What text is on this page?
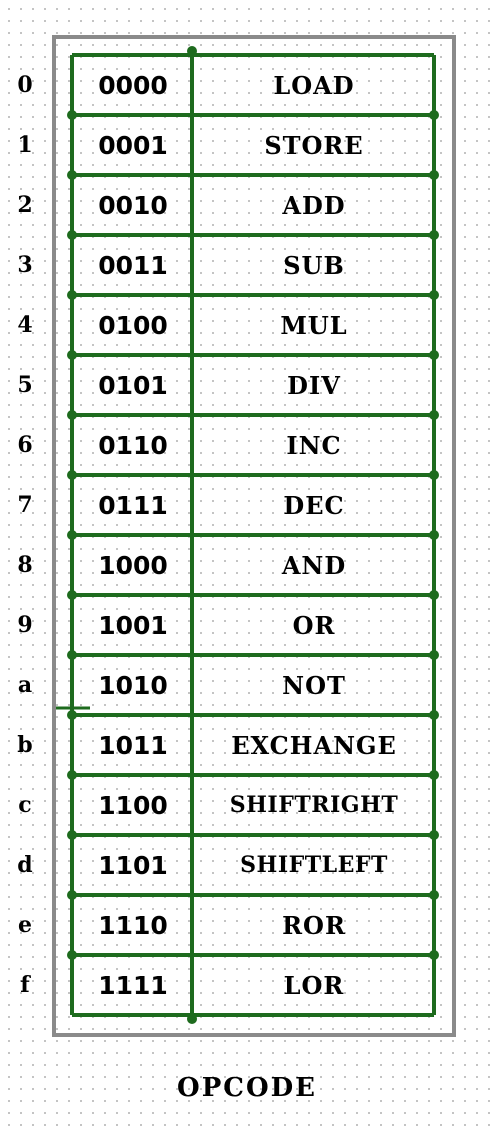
0	0000	LOAD
1	0001	STORE
2	0010	ADD
3	0011	SUB
4	0100	MUL
5	0101	DIV
6	0110	INC
7	0111	DEC
8	1000	AND
9	1001	OR
a	1010	NOT
b	1011	EXCHANGE
c	1100	SHIFTRIGHT
d	1101	SHIFTLEFT
e	1110	ROR
f	1111	LOR
OPCODE
